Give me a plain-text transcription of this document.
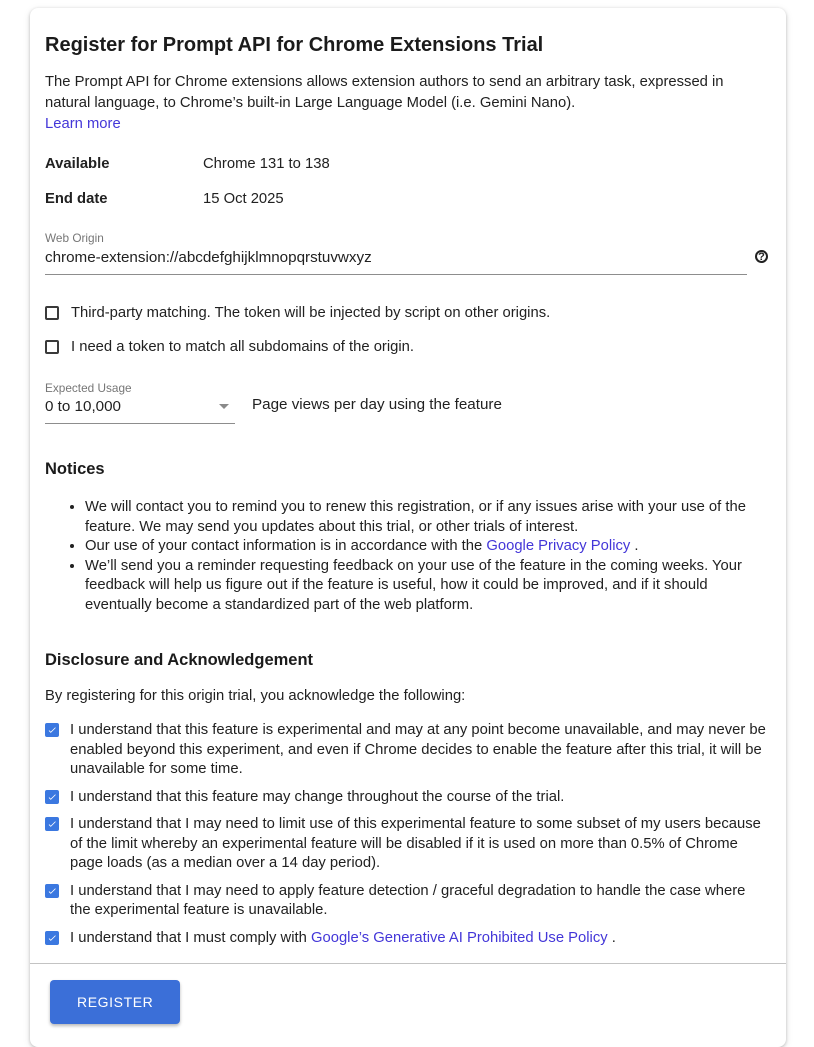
Register for Prompt API for Chrome Extensions Trial

The Prompt API for Chrome extensions allows extension authors to send an arbitrary task, expressed in natural language, to Chrome’s built-in Large Language Model (i.e. Gemini Nano).

Learn more
Available	Chrome 131 to 138
End date	15 Oct 2025
Web Origin
chrome-extension://abcdefghijklmnopqrstuvwxyz
?
Third-party matching. The token will be injected by script on other origins.
I need a token to match all subdomains of the origin.
Expected Usage
0 to 10,000	Page views per day using the feature
Notices
• We will contact you to remind you to renew this registration, or if any issues arise with your use of the feature. We may send you updates about this trial, or other trials of interest.
• Our use of your contact information is in accordance with the Google Privacy Policy .
• We’ll send you a reminder requesting feedback on your use of the feature in the coming weeks. Your feedback will help us figure out if the feature is useful, how it could be improved, and if it should eventually become a standardized part of the web platform.
Disclosure and Acknowledgement

By registering for this origin trial, you acknowledge the following:

I understand that this feature is experimental and may at any point become unavailable, and may never be enabled beyond this experiment, and even if Chrome decides to enable the feature after this trial, it will be unavailable for some time.
I understand that this feature may change throughout the course of the trial.
I understand that I may need to limit use of this experimental feature to some subset of my users because of the limit whereby an experimental feature will be disabled if it is used on more than 0.5% of Chrome page loads (as a median over a 14 day period).
I understand that I may need to apply feature detection / graceful degradation to handle the case where the experimental feature is unavailable.
I understand that I must comply with Google’s Generative AI Prohibited Use Policy .
REGISTER
